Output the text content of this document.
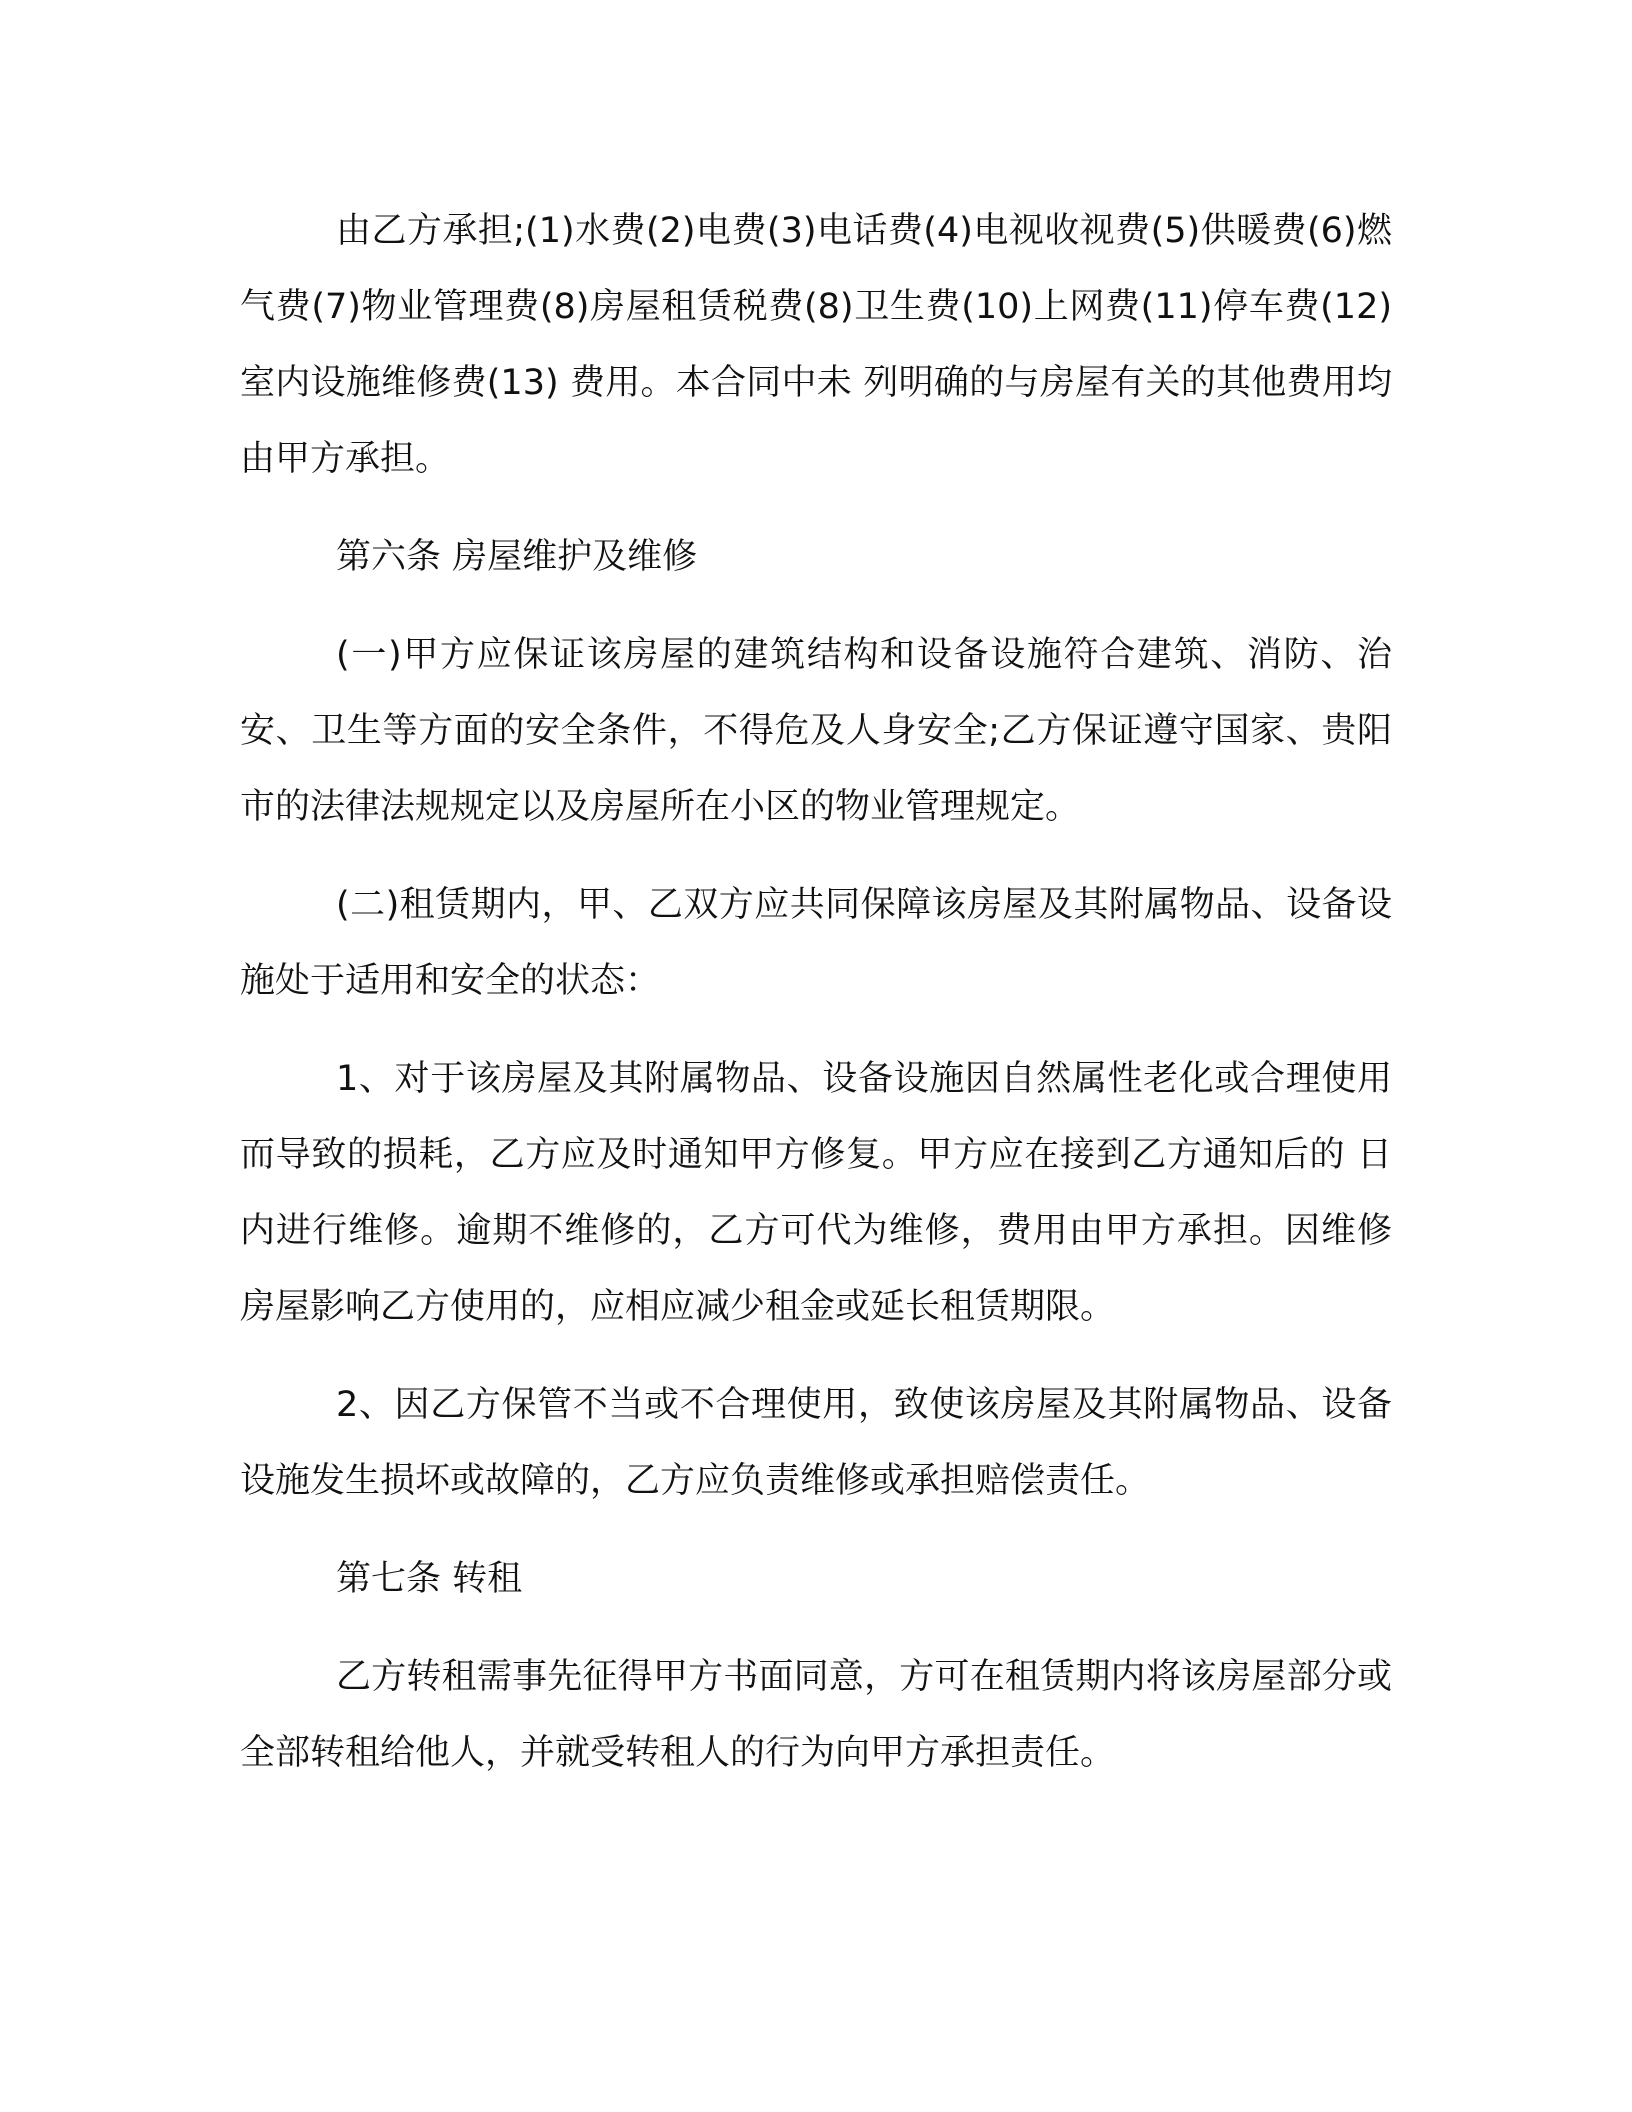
由乙方承担;(1)水费(2)电费(3)电话费(4)电视收视费(5)供暖费(6)燃气费(7)物业管理费(8)房屋租赁税费(8)卫生费(10)上网费(11)停车费(12)室内设施维修费(13) 费用。本合同中未 列明确的与房屋有关的其他费用均由甲方承担。

第六条 房屋维护及维修

(一)甲方应保证该房屋的建筑结构和设备设施符合建筑、消防、治安、卫生等方面的安全条件，不得危及人身安全;乙方保证遵守国家、贵阳市的法律法规规定以及房屋所在小区的物业管理规定。

(二)租赁期内，甲、乙双方应共同保障该房屋及其附属物品、设备设施处于适用和安全的状态：

1、对于该房屋及其附属物品、设备设施因自然属性老化或合理使用而导致的损耗，乙方应及时通知甲方修复。甲方应在接到乙方通知后的 日内进行维修。逾期不维修的，乙方可代为维修，费用由甲方承担。因维修房屋影响乙方使用的，应相应减少租金或延长租赁期限。

2、因乙方保管不当或不合理使用，致使该房屋及其附属物品、设备设施发生损坏或故障的，乙方应负责维修或承担赔偿责任。

第七条 转租

乙方转租需事先征得甲方书面同意，方可在租赁期内将该房屋部分或全部转租给他人，并就受转租人的行为向甲方承担责任。
